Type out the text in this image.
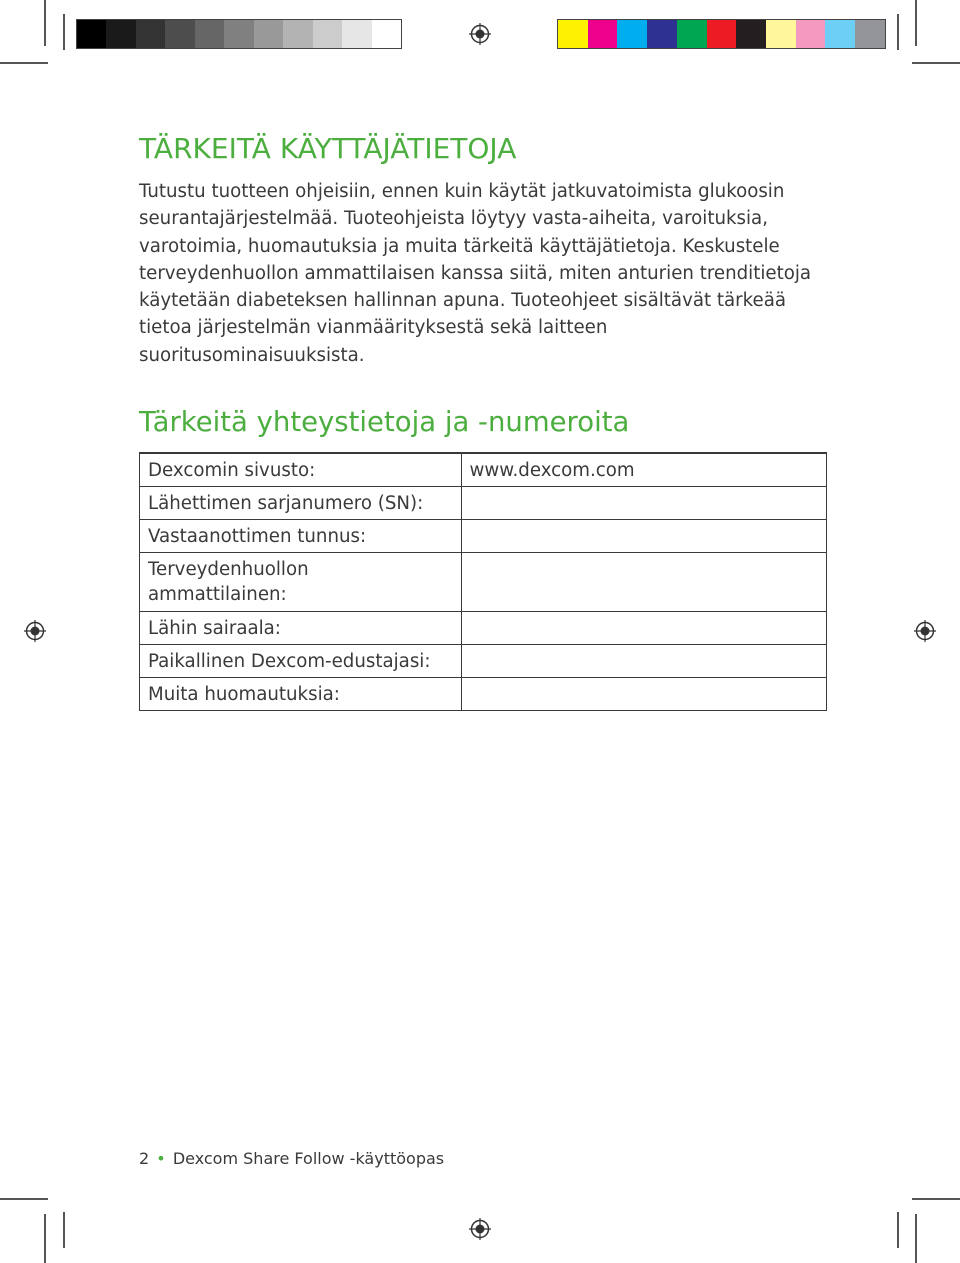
TÄRKEITÄ KÄYTTÄJÄTIETOJA

Tutustu tuotteen ohjeisiin, ennen kuin käytät jatkuvatoimista glukoosin seurantajärjestelmää. Tuoteohjeista löytyy vasta-aiheita, varoituksia, varotoimia, huomautuksia ja muita tärkeitä käyttäjätietoja. Keskustele terveydenhuollon ammattilaisen kanssa siitä, miten anturien trenditietoja käytetään diabeteksen hallinnan apuna. Tuoteohjeet sisältävät tärkeää tietoa järjestelmän vianmäärityksestä sekä laitteen suoritusominaisuuksista.

Tärkeitä yhteystietoja ja -numeroita
Dexcomin sivusto:	www.dexcom.com
Lähettimen sarjanumero (SN):	
Vastaanottimen tunnus:	
Terveydenhuollon ammattilainen:	
Lähin sairaala:	
Paikallinen Dexcom-edustajasi:	
Muita huomautuksia:	
2 • Dexcom Share Follow -käyttöopas
